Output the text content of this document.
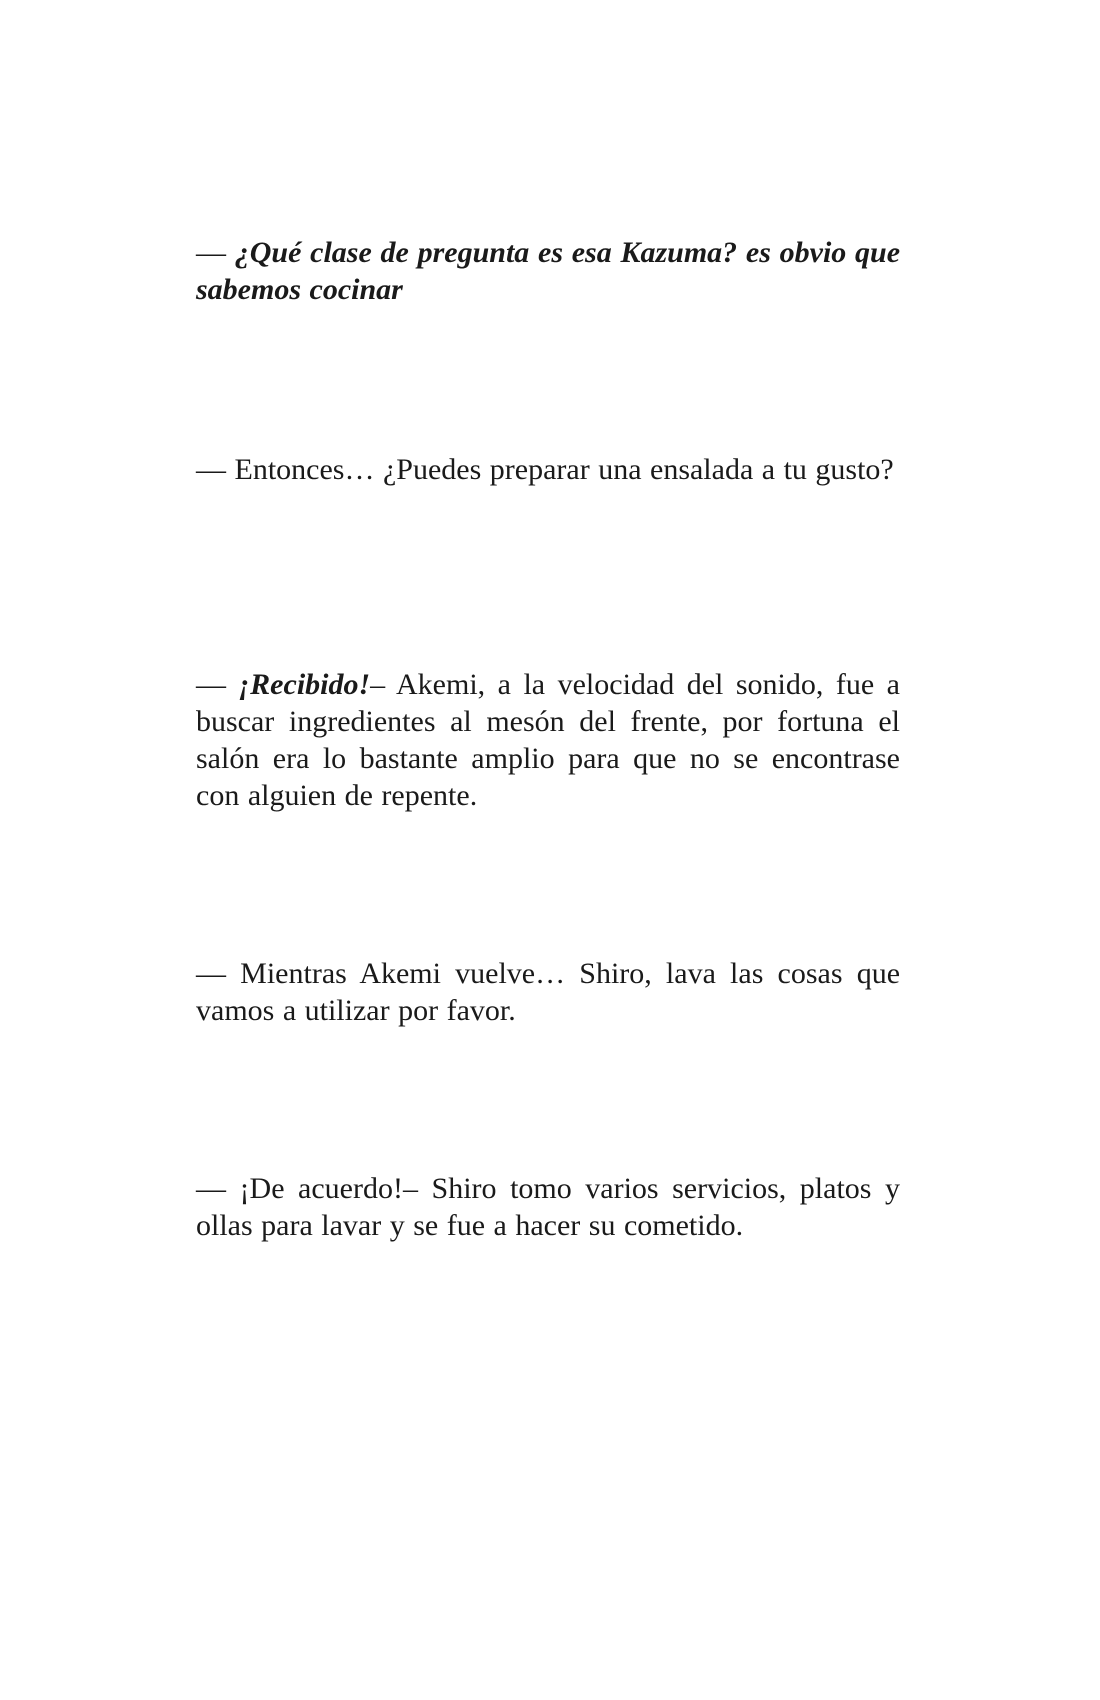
— ¿Qué clase de pregunta es esa Kazuma? es obvio que sabemos cocinar

— Entonces… ¿Puedes preparar una ensalada a tu gusto?

— ¡Recibido!– Akemi, a la velocidad del sonido, fue a buscar ingredientes al mesón del frente, por fortuna el salón era lo bastante amplio para que no se encontrase con alguien de repente.

— Mientras Akemi vuelve… Shiro, lava las cosas que vamos a utilizar por favor.

— ¡De acuerdo!– Shiro tomo varios servicios, platos y ollas para lavar y se fue a hacer su cometido.
